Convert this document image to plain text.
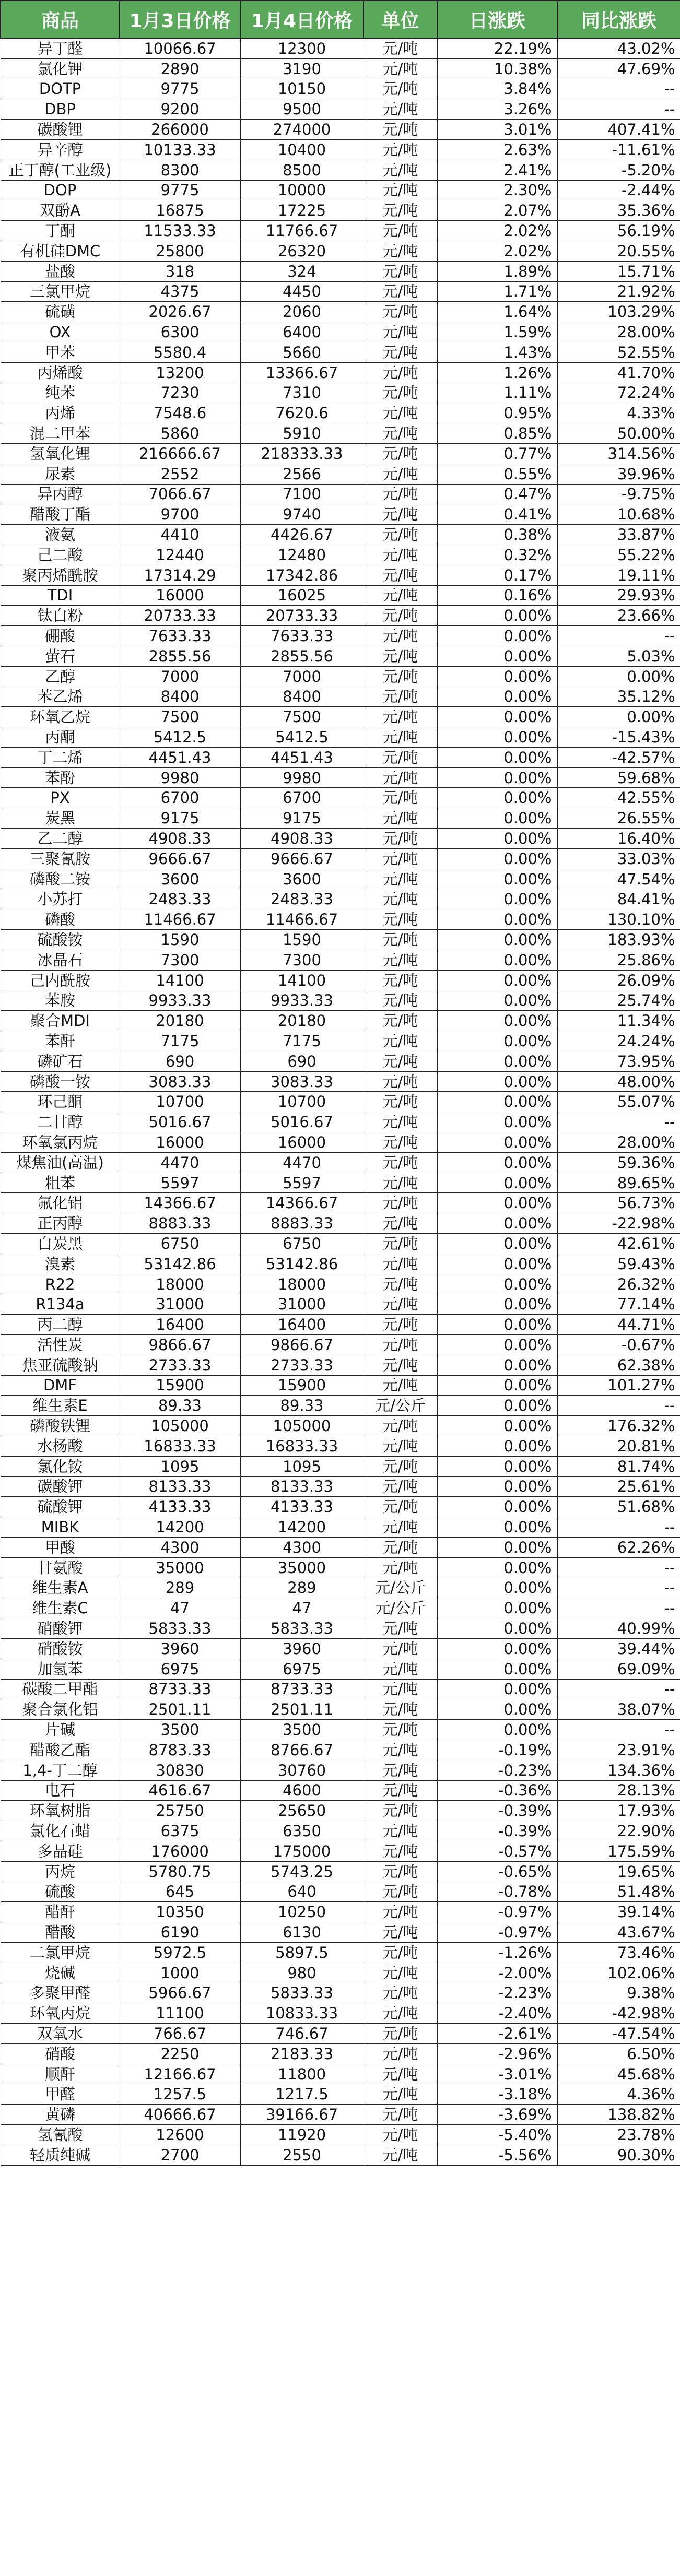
商品	1月3日价格	1月4日价格	单位	日涨跌	同比涨跌
异丁醛	10066.67	12300	元/吨	22.19%	43.02%
氯化钾	2890	3190	元/吨	10.38%	47.69%
DOTP	9775	10150	元/吨	3.84%	--
DBP	9200	9500	元/吨	3.26%	--
碳酸锂	266000	274000	元/吨	3.01%	407.41%
异辛醇	10133.33	10400	元/吨	2.63%	-11.61%
正丁醇(工业级)	8300	8500	元/吨	2.41%	-5.20%
DOP	9775	10000	元/吨	2.30%	-2.44%
双酚A	16875	17225	元/吨	2.07%	35.36%
丁酮	11533.33	11766.67	元/吨	2.02%	56.19%
有机硅DMC	25800	26320	元/吨	2.02%	20.55%
盐酸	318	324	元/吨	1.89%	15.71%
三氯甲烷	4375	4450	元/吨	1.71%	21.92%
硫磺	2026.67	2060	元/吨	1.64%	103.29%
OX	6300	6400	元/吨	1.59%	28.00%
甲苯	5580.4	5660	元/吨	1.43%	52.55%
丙烯酸	13200	13366.67	元/吨	1.26%	41.70%
纯苯	7230	7310	元/吨	1.11%	72.24%
丙烯	7548.6	7620.6	元/吨	0.95%	4.33%
混二甲苯	5860	5910	元/吨	0.85%	50.00%
氢氧化锂	216666.67	218333.33	元/吨	0.77%	314.56%
尿素	2552	2566	元/吨	0.55%	39.96%
异丙醇	7066.67	7100	元/吨	0.47%	-9.75%
醋酸丁酯	9700	9740	元/吨	0.41%	10.68%
液氨	4410	4426.67	元/吨	0.38%	33.87%
己二酸	12440	12480	元/吨	0.32%	55.22%
聚丙烯酰胺	17314.29	17342.86	元/吨	0.17%	19.11%
TDI	16000	16025	元/吨	0.16%	29.93%
钛白粉	20733.33	20733.33	元/吨	0.00%	23.66%
硼酸	7633.33	7633.33	元/吨	0.00%	--
萤石	2855.56	2855.56	元/吨	0.00%	5.03%
乙醇	7000	7000	元/吨	0.00%	0.00%
苯乙烯	8400	8400	元/吨	0.00%	35.12%
环氧乙烷	7500	7500	元/吨	0.00%	0.00%
丙酮	5412.5	5412.5	元/吨	0.00%	-15.43%
丁二烯	4451.43	4451.43	元/吨	0.00%	-42.57%
苯酚	9980	9980	元/吨	0.00%	59.68%
PX	6700	6700	元/吨	0.00%	42.55%
炭黑	9175	9175	元/吨	0.00%	26.55%
乙二醇	4908.33	4908.33	元/吨	0.00%	16.40%
三聚氰胺	9666.67	9666.67	元/吨	0.00%	33.03%
磷酸二铵	3600	3600	元/吨	0.00%	47.54%
小苏打	2483.33	2483.33	元/吨	0.00%	84.41%
磷酸	11466.67	11466.67	元/吨	0.00%	130.10%
硫酸铵	1590	1590	元/吨	0.00%	183.93%
冰晶石	7300	7300	元/吨	0.00%	25.86%
己内酰胺	14100	14100	元/吨	0.00%	26.09%
苯胺	9933.33	9933.33	元/吨	0.00%	25.74%
聚合MDI	20180	20180	元/吨	0.00%	11.34%
苯酐	7175	7175	元/吨	0.00%	24.24%
磷矿石	690	690	元/吨	0.00%	73.95%
磷酸一铵	3083.33	3083.33	元/吨	0.00%	48.00%
环己酮	10700	10700	元/吨	0.00%	55.07%
二甘醇	5016.67	5016.67	元/吨	0.00%	--
环氧氯丙烷	16000	16000	元/吨	0.00%	28.00%
煤焦油(高温)	4470	4470	元/吨	0.00%	59.36%
粗苯	5597	5597	元/吨	0.00%	89.65%
氟化铝	14366.67	14366.67	元/吨	0.00%	56.73%
正丙醇	8883.33	8883.33	元/吨	0.00%	-22.98%
白炭黑	6750	6750	元/吨	0.00%	42.61%
溴素	53142.86	53142.86	元/吨	0.00%	59.43%
R22	18000	18000	元/吨	0.00%	26.32%
R134a	31000	31000	元/吨	0.00%	77.14%
丙二醇	16400	16400	元/吨	0.00%	44.71%
活性炭	9866.67	9866.67	元/吨	0.00%	-0.67%
焦亚硫酸钠	2733.33	2733.33	元/吨	0.00%	62.38%
DMF	15900	15900	元/吨	0.00%	101.27%
维生素E	89.33	89.33	元/公斤	0.00%	--
磷酸铁锂	105000	105000	元/吨	0.00%	176.32%
水杨酸	16833.33	16833.33	元/吨	0.00%	20.81%
氯化铵	1095	1095	元/吨	0.00%	81.74%
碳酸钾	8133.33	8133.33	元/吨	0.00%	25.61%
硫酸钾	4133.33	4133.33	元/吨	0.00%	51.68%
MIBK	14200	14200	元/吨	0.00%	--
甲酸	4300	4300	元/吨	0.00%	62.26%
甘氨酸	35000	35000	元/吨	0.00%	--
维生素A	289	289	元/公斤	0.00%	--
维生素C	47	47	元/公斤	0.00%	--
硝酸钾	5833.33	5833.33	元/吨	0.00%	40.99%
硝酸铵	3960	3960	元/吨	0.00%	39.44%
加氢苯	6975	6975	元/吨	0.00%	69.09%
碳酸二甲酯	8733.33	8733.33	元/吨	0.00%	--
聚合氯化铝	2501.11	2501.11	元/吨	0.00%	38.07%
片碱	3500	3500	元/吨	0.00%	--
醋酸乙酯	8783.33	8766.67	元/吨	-0.19%	23.91%
1,4-丁二醇	30830	30760	元/吨	-0.23%	134.36%
电石	4616.67	4600	元/吨	-0.36%	28.13%
环氧树脂	25750	25650	元/吨	-0.39%	17.93%
氯化石蜡	6375	6350	元/吨	-0.39%	22.90%
多晶硅	176000	175000	元/吨	-0.57%	175.59%
丙烷	5780.75	5743.25	元/吨	-0.65%	19.65%
硫酸	645	640	元/吨	-0.78%	51.48%
醋酐	10350	10250	元/吨	-0.97%	39.14%
醋酸	6190	6130	元/吨	-0.97%	43.67%
二氯甲烷	5972.5	5897.5	元/吨	-1.26%	73.46%
烧碱	1000	980	元/吨	-2.00%	102.06%
多聚甲醛	5966.67	5833.33	元/吨	-2.23%	9.38%
环氧丙烷	11100	10833.33	元/吨	-2.40%	-42.98%
双氧水	766.67	746.67	元/吨	-2.61%	-47.54%
硝酸	2250	2183.33	元/吨	-2.96%	6.50%
顺酐	12166.67	11800	元/吨	-3.01%	45.68%
甲醛	1257.5	1217.5	元/吨	-3.18%	4.36%
黄磷	40666.67	39166.67	元/吨	-3.69%	138.82%
氢氰酸	12600	11920	元/吨	-5.40%	23.78%
轻质纯碱	2700	2550	元/吨	-5.56%	90.30%
